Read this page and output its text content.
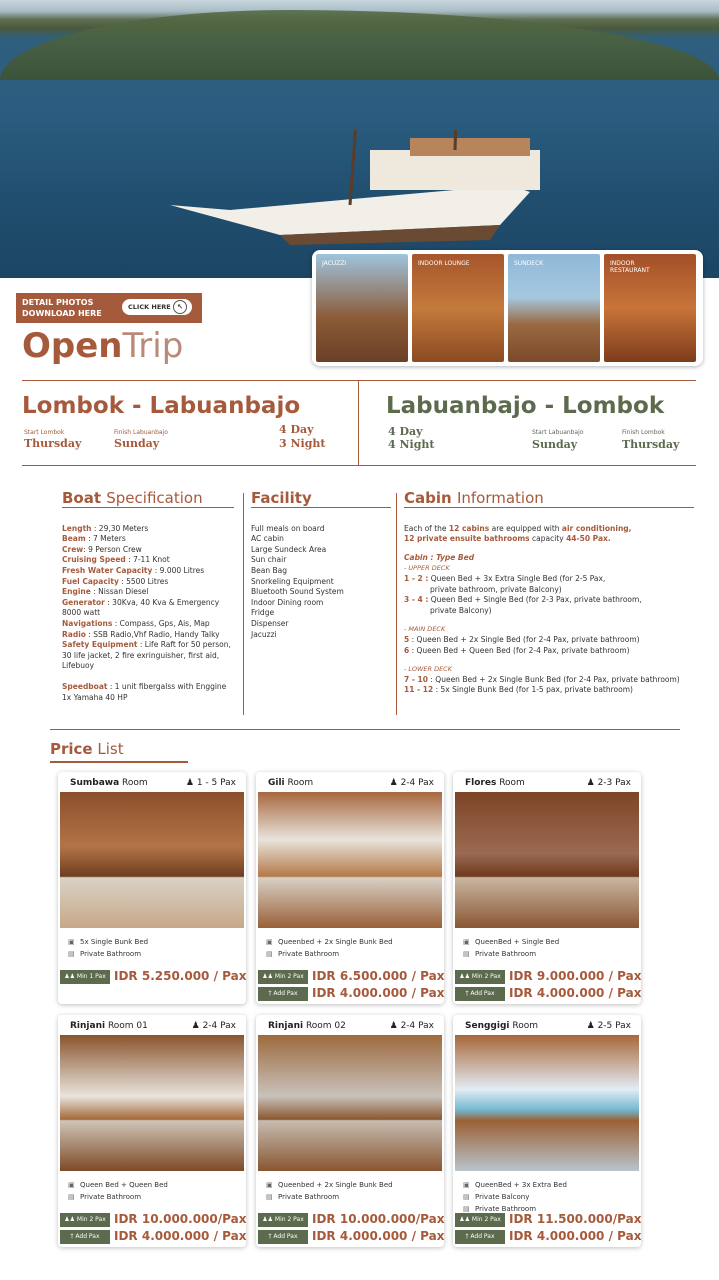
JACUZZI	INDOOR LOUNGE	SUNDECK	INDOOR RESTAURANT
DETAIL PHOTOS
DOWNLOAD HERE
CLICK HERE ↖
OpenTrip
Lombok - Labuanbajo
Start Lombok
Thursday
Finish Labuanbajo
Sunday
4 Day
3 Night
Labuanbajo - Lombok
4 Day
4 Night
Start Labuanbajo
Sunday
Finish Lombok
Thursday
Boat Specification
Length : 29,30 Meters
Beam : 7 Meters
Crew: 9 Person Crew
Cruising Speed : 7-11 Knot
Fresh Water Capacity : 9.000 Litres
Fuel Capacity : 5500 Litres
Engine : Nissan Diesel
Generator : 30Kva, 40 Kva & Emergency 8000 watt
Navigations : Compass, Gps, Ais, Map
Radio : SSB Radio,Vhf Radio, Handy Talky
Safety Equipment : Life Raft for 50 person, 30 life jacket, 2 fire exringuisher, first aid, Lifebuoy
Speedboat : 1 unit fibergalss with Enggine 1x Yamaha 40 HP
Facility
Full meals on board
AC cabin
Large Sundeck Area
Sun chair
Bean Bag
Snorkeling Equipment
Bluetooth Sound System
Indoor Dining room
Fridge
Dispenser
Jacuzzi
Cabin Information
Each of the 12 cabins are equipped with air conditioning,
12 private ensuite bathrooms capacity 44-50 Pax.
Cabin : Type Bed
- UPPER DECK
1 - 2 : Queen Bed + 3x Extra Single Bed (for 2-5 Pax,
private bathroom, private Balcony)
3 - 4 : Queen Bed + Single Bed (for 2-3 Pax, private bathroom,
private Balcony)
- MAIN DECK
5 : Queen Bed + 2x Single Bed (for 2-4 Pax, private bathroom)
6 : Queen Bed + Queen Bed (for 2-4 Pax, private bathroom)
- LOWER DECK
7 - 10 : Queen Bed + 2x Single Bunk Bed (for 2-4 Pax, private bathroom)
11 - 12 : 5x Single Bunk Bed (for 1-5 pax, private bathroom)
Price List
Sumbawa Room	♟ 1 - 5 Pax
▣ 5x Single Bunk Bed
▤ Private Bathroom
♟♟ Min 1 Pax IDR 5.250.000 / Pax
Gili Room	♟ 2-4 Pax
▣ Queenbed + 2x Single Bunk Bed
▤ Private Bathroom
♟♟ Min 2 Pax IDR 6.500.000 / Pax
† Add Pax	IDR 4.000.000 / Pax
Flores Room	♟ 2-3 Pax
▣ QueenBed + Single Bed
▤ Private Bathroom
♟♟ Min 2 Pax IDR 9.000.000 / Pax
† Add Pax	IDR 4.000.000 / Pax
Rinjani Room 01	♟ 2-4 Pax
▣ Queen Bed + Queen Bed
▤ Private Bathroom
♟♟ Min 2 Pax IDR 10.000.000/Pax
† Add Pax	IDR 4.000.000 / Pax
Rinjani Room 02	♟ 2-4 Pax
▣ Queenbed + 2x Single Bunk Bed
▤ Private Bathroom
♟♟ Min 2 Pax IDR 10.000.000/Pax
† Add Pax	IDR 4.000.000 / Pax
Senggigi Room	♟ 2-5 Pax
▣ QueenBed + 3x Extra Bed
▤ Private Balcony
▤ Private Bathroom
♟♟ Min 2 Pax IDR 11.500.000/Pax
† Add Pax	IDR 4.000.000 / Pax
